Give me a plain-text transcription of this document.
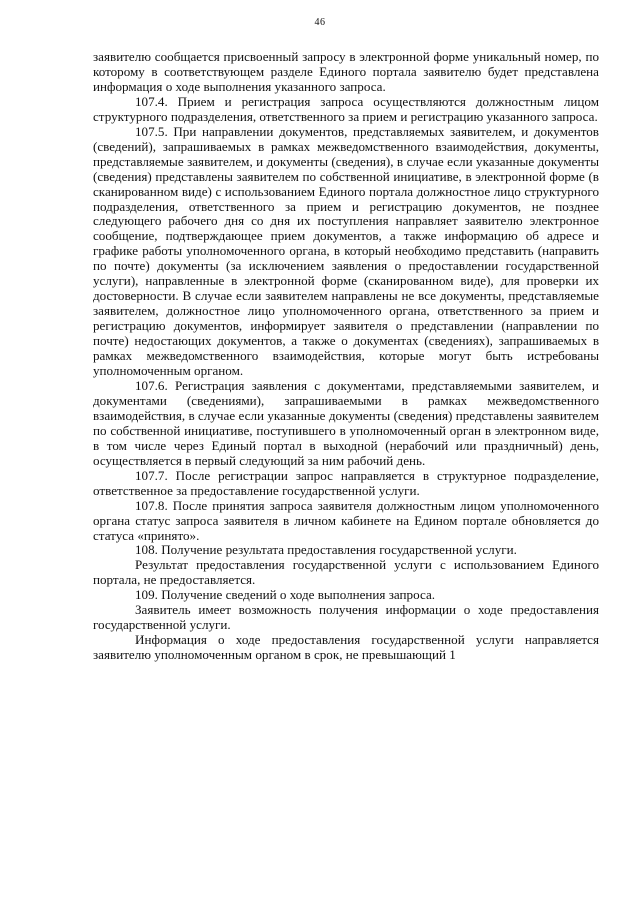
46

заявителю сообщается присвоенный запросу в электронной форме уникальный номер, по которому в соответствующем разделе Единого портала заявителю будет представлена информация о ходе выполнения указанного запроса.

107.4. Прием и регистрация запроса осуществляются должностным лицом структурного подразделения, ответственного за прием и регистрацию указанного запроса.

107.5. При направлении документов, представляемых заявителем, и документов (сведений), запрашиваемых в рамках межведомственного взаимодействия, документы, представляемые заявителем, и документы (сведения), в случае если указанные документы (сведения) представлены заявителем по собственной инициативе, в электронной форме (в сканированном виде) с использованием Единого портала должностное лицо структурного подразделения, ответственного за прием и регистрацию документов, не позднее следующего рабочего дня со дня их поступления направляет заявителю электронное сообщение, подтверждающее прием документов, а также информацию об адресе и графике работы уполномоченного органа, в который необходимо представить (направить по почте) документы (за исключением заявления о предоставлении государственной услуги), направленные в электронной форме (сканированном виде), для проверки их достоверности. В случае если заявителем направлены не все документы, представляемые заявителем, должностное лицо уполномоченного органа, ответственного за прием и регистрацию документов, информирует заявителя о представлении (направлении по почте) недостающих документов, а также о документах (сведениях), запрашиваемых в рамках межведомственного взаимодействия, которые могут быть истребованы уполномоченным органом.

107.6. Регистрация заявления с документами, представляемыми заявителем, и документами (сведениями), запрашиваемыми в рамках межведомственного взаимодействия, в случае если указанные документы (сведения) представлены заявителем по собственной инициативе, поступившего в уполномоченный орган в электронном виде, в том числе через Единый портал в выходной (нерабочий или праздничный) день, осуществляется в первый следующий за ним рабочий день.

107.7. После регистрации запрос направляется в структурное подразделение, ответственное за предоставление государственной услуги.

107.8. После принятия запроса заявителя должностным лицом уполномоченного органа статус запроса заявителя в личном кабинете на Едином портале обновляется до статуса «принято».

108. Получение результата предоставления государственной услуги.

Результат предоставления государственной услуги с использованием Единого портала, не предоставляется.

109. Получение сведений о ходе выполнения запроса.

Заявитель имеет возможность получения информации о ходе предоставления государственной услуги.

Информация о ходе предоставления государственной услуги направляется заявителю уполномоченным органом в срок, не превышающий 1
